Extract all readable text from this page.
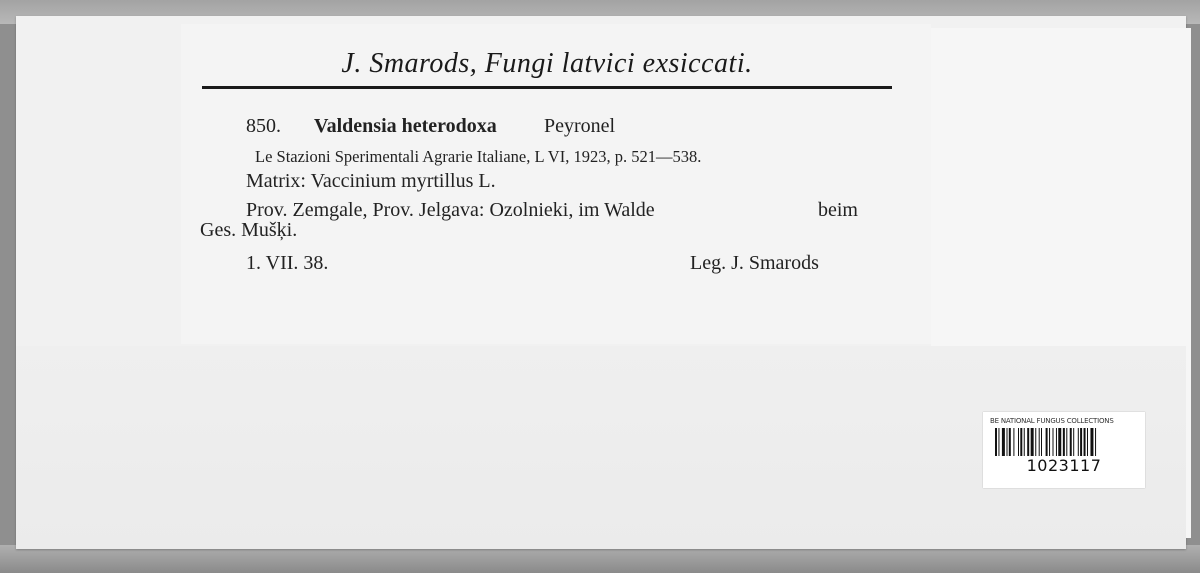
J. Smarods, Fungi latvici exsiccati.
850. Valdensia heterodoxa Peyronel
Le Stazioni Sperimentali Agrarie Italiane, L VI, 1923, p. 521—538.
Matrix: Vaccinium myrtillus L.
Prov. Zemgale, Prov. Jelgava: Ozolnieki, im Walde	beim
Ges. Mušķi.
1. VII. 38.	Leg. J. Smarods
BE NATIONAL FUNGUS COLLECTIONS
1023117
